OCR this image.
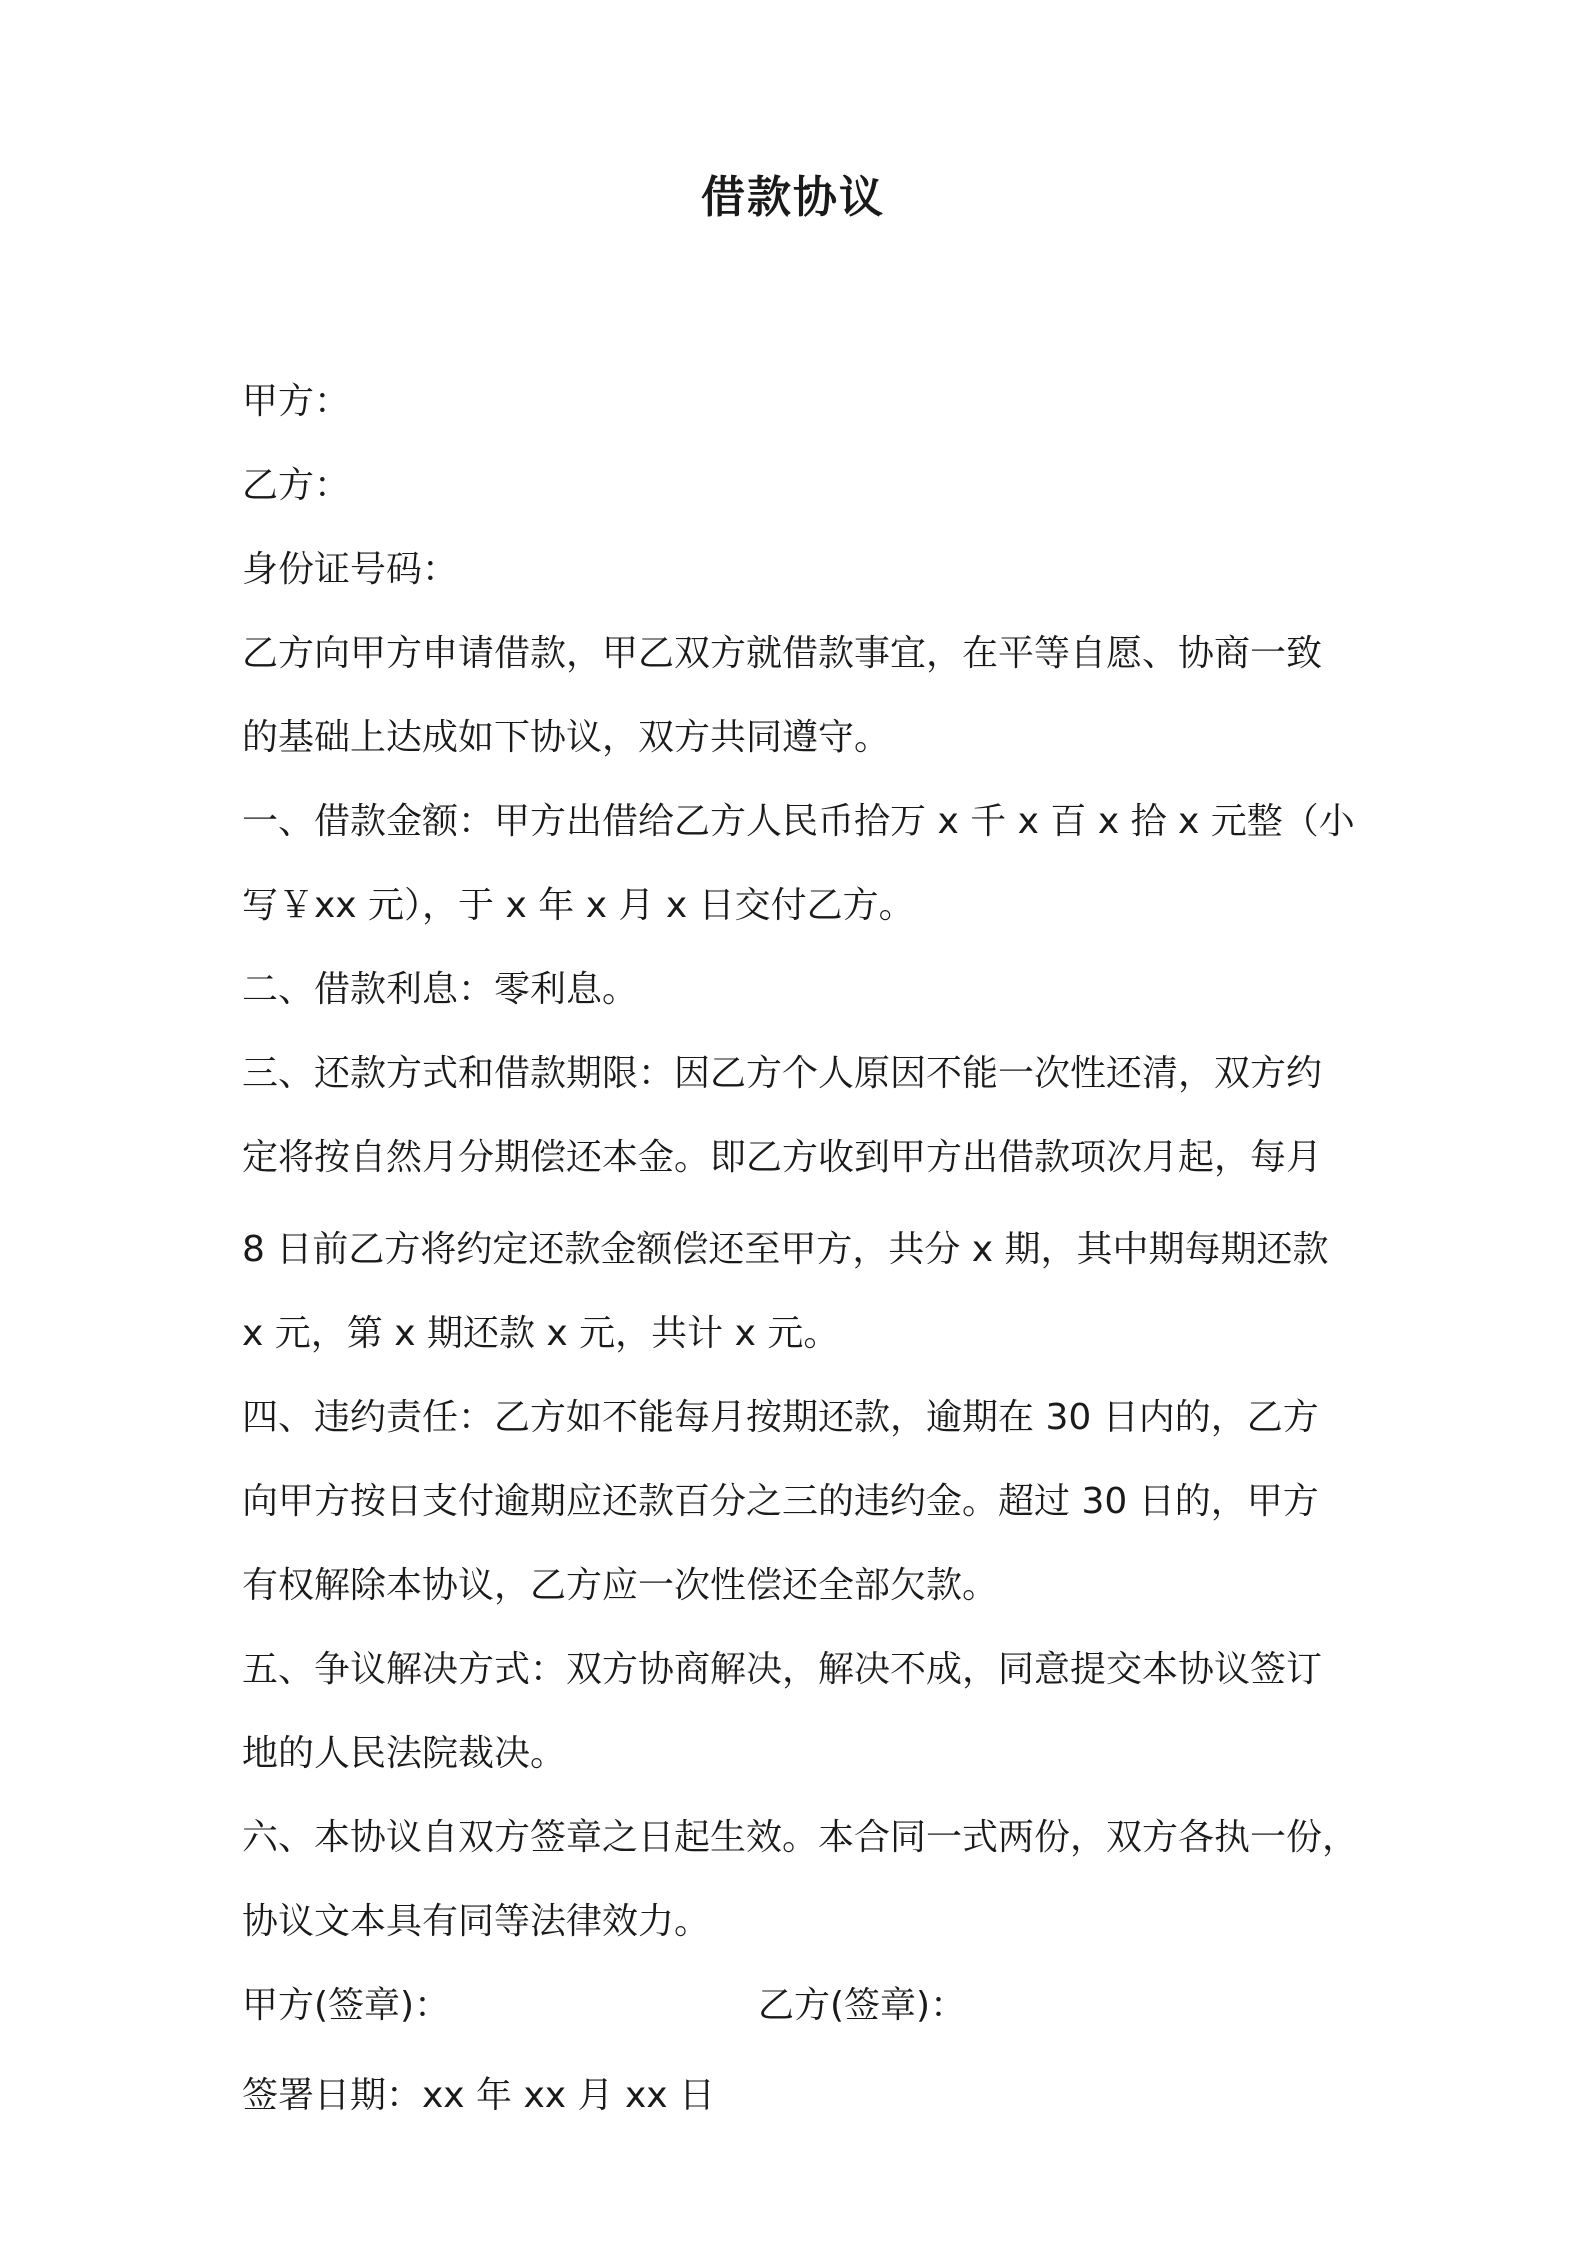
借款协议
甲方：
乙方：
身份证号码：
乙方向甲方申请借款，甲乙双方就借款事宜，在平等自愿、协商一致
的基础上达成如下协议，双方共同遵守。
一、借款金额：甲方出借给乙方人民币拾万 x 千 x 百 x 拾 x 元整（小
写￥xx 元），于 x 年 x 月 x 日交付乙方。
二、借款利息：零利息。
三、还款方式和借款期限：因乙方个人原因不能一次性还清，双方约
定将按自然月分期偿还本金。即乙方收到甲方出借款项次月起，每月
8 日前乙方将约定还款金额偿还至甲方，共分 x 期，其中期每期还款
x 元，第 x 期还款 x 元，共计 x 元。
四、违约责任：乙方如不能每月按期还款，逾期在 30 日内的，乙方
向甲方按日支付逾期应还款百分之三的违约金。超过 30 日的，甲方
有权解除本协议，乙方应一次性偿还全部欠款。
五、争议解决方式：双方协商解决，解决不成，同意提交本协议签订
地的人民法院裁决。
六、本协议自双方签章之日起生效。本合同一式两份，双方各执一份，
协议文本具有同等法律效力。
甲方(签章)：	乙方(签章)：
签署日期：xx 年 xx 月 xx 日
